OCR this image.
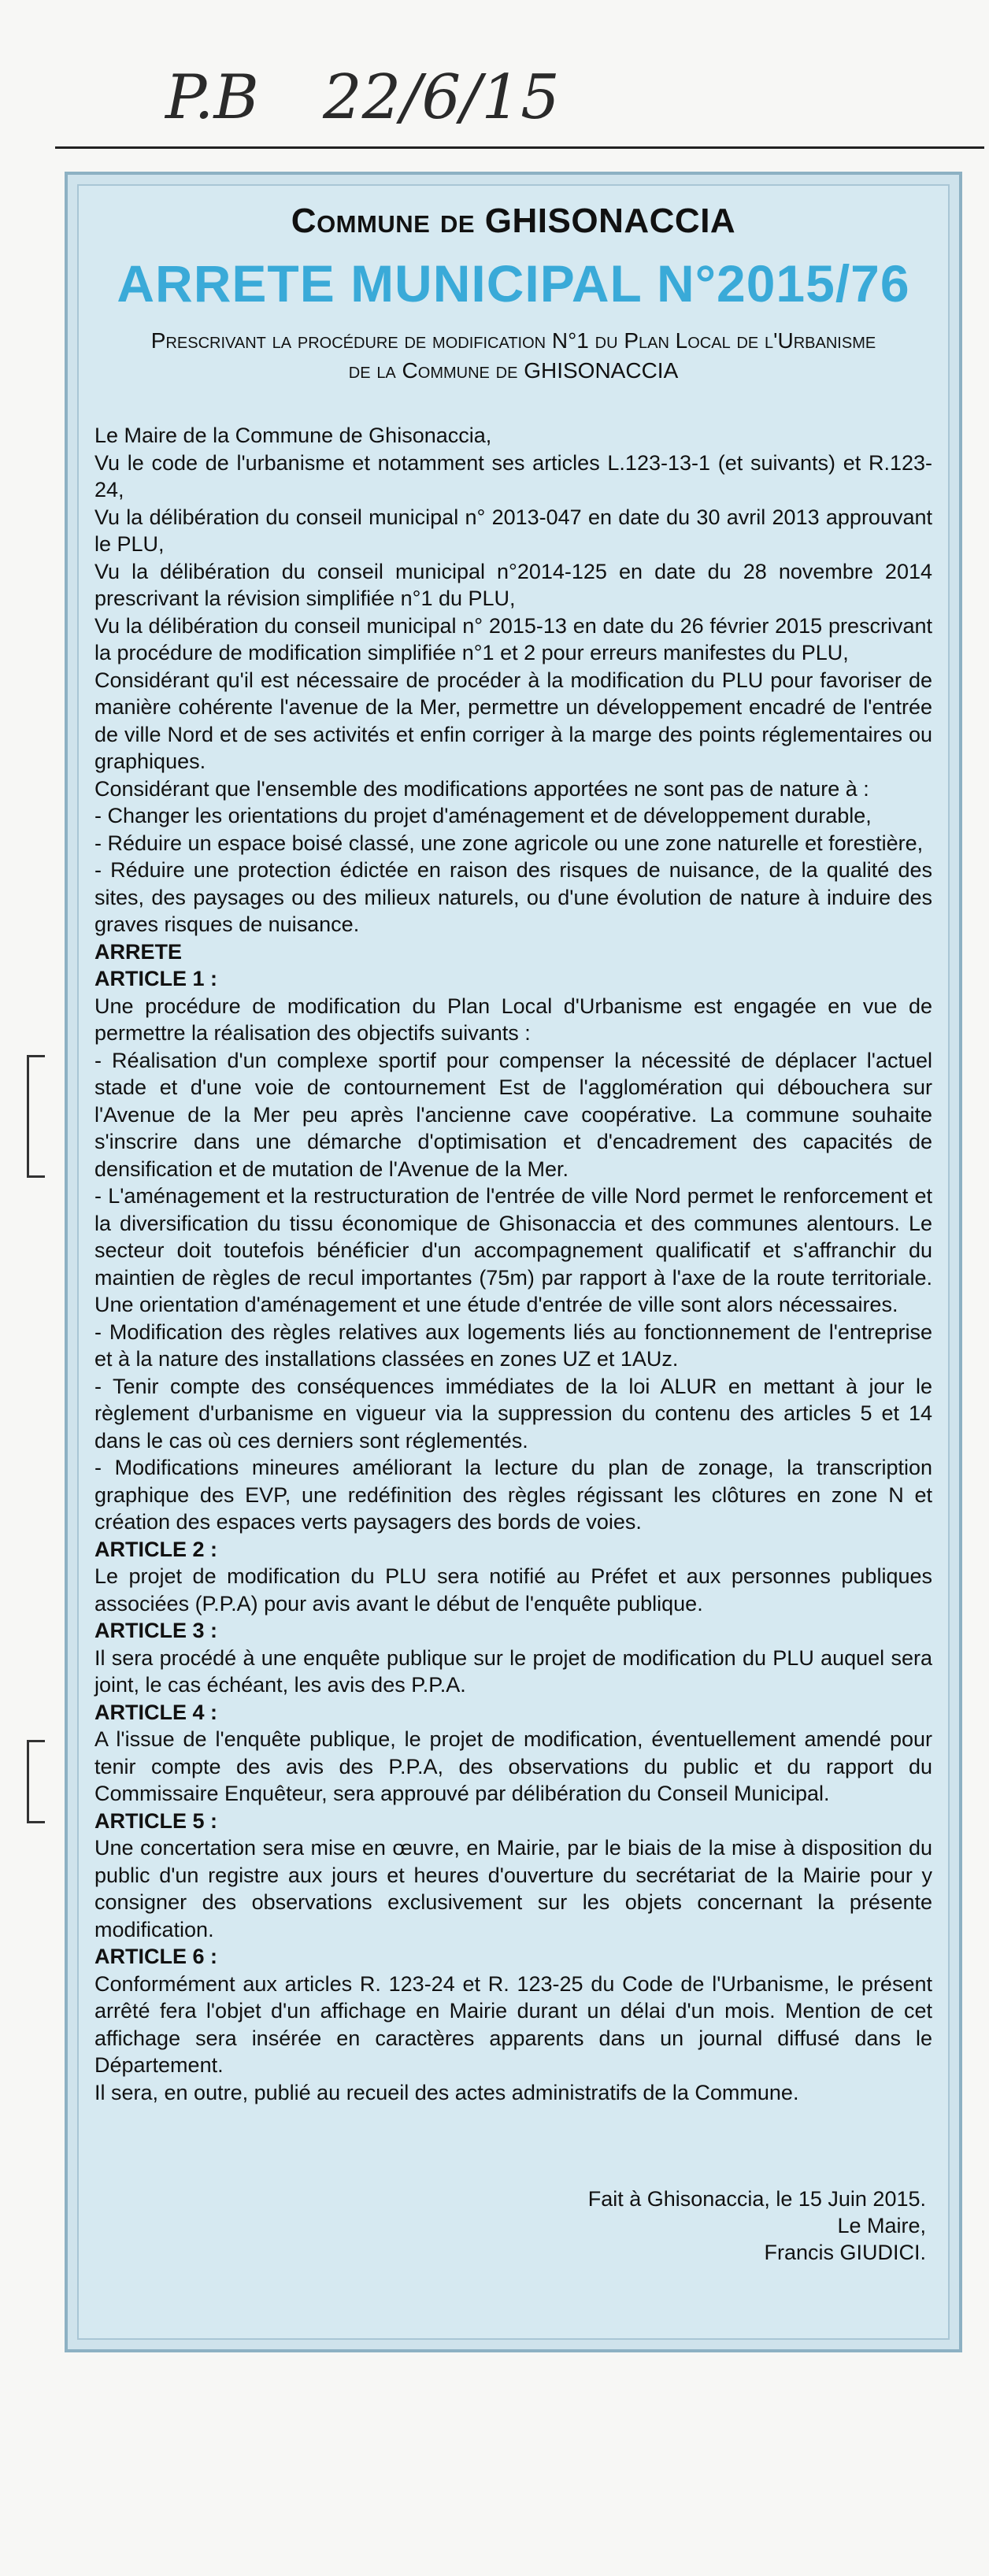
P.B 22/6/15
Commune de GHISONACCIA
ARRETE MUNICIPAL N°2015/76
Prescrivant la procédure de modification N°1 du Plan Local de l'Urbanisme
de la Commune de GHISONACCIA

Le Maire de la Commune de Ghisonaccia,

Vu le code de l'urbanisme et notamment ses articles L.123-13-1 (et suivants) et R.123-24,

Vu la délibération du conseil municipal n° 2013-047 en date du 30 avril 2013 approuvant le PLU,

Vu la délibération du conseil municipal n°2014-125 en date du 28 novembre 2014 prescrivant la révision simplifiée n°1 du PLU,

Vu la délibération du conseil municipal n° 2015-13 en date du 26 février 2015 prescrivant la procédure de modification simplifiée n°1 et 2 pour erreurs manifestes du PLU,

Considérant qu'il est nécessaire de procéder à la modification du PLU pour favoriser de manière cohérente l'avenue de la Mer, permettre un développement encadré de l'entrée de ville Nord et de ses activités et enfin corriger à la marge des points réglementaires ou graphiques.

Considérant que l'ensemble des modifications apportées ne sont pas de nature à :

- Changer les orientations du projet d'aménagement et de développement durable,

- Réduire un espace boisé classé, une zone agricole ou une zone naturelle et forestière,

- Réduire une protection édictée en raison des risques de nuisance, de la qualité des sites, des paysages ou des milieux naturels, ou d'une évolution de nature à induire des graves risques de nuisance.

ARRETE

ARTICLE 1 :

Une procédure de modification du Plan Local d'Urbanisme est engagée en vue de permettre la réalisation des objectifs suivants :

- Réalisation d'un complexe sportif pour compenser la nécessité de déplacer l'actuel stade et d'une voie de contournement Est de l'agglomération qui débouchera sur l'Avenue de la Mer peu après l'ancienne cave coopérative. La commune souhaite s'inscrire dans une démarche d'optimisation et d'encadrement des capacités de densification et de mutation de l'Avenue de la Mer.

- L'aménagement et la restructuration de l'entrée de ville Nord permet le renforcement et la diversification du tissu économique de Ghisonaccia et des communes alentours. Le secteur doit toutefois bénéficier d'un accompagnement qualificatif et s'affranchir du maintien de règles de recul importantes (75m) par rapport à l'axe de la route territoriale. Une orientation d'aménagement et une étude d'entrée de ville sont alors nécessaires.

- Modification des règles relatives aux logements liés au fonctionnement de l'entreprise et à la nature des installations classées en zones UZ et 1AUz.

- Tenir compte des conséquences immédiates de la loi ALUR en mettant à jour le règlement d'urbanisme en vigueur via la suppression du contenu des articles 5 et 14 dans le cas où ces derniers sont réglementés.

- Modifications mineures améliorant la lecture du plan de zonage, la transcription graphique des EVP, une redéfinition des règles régissant les clôtures en zone N et création des espaces verts paysagers des bords de voies.

ARTICLE 2 :

Le projet de modification du PLU sera notifié au Préfet et aux personnes publiques associées (P.P.A) pour avis avant le début de l'enquête publique.

ARTICLE 3 :

Il sera procédé à une enquête publique sur le projet de modification du PLU auquel sera joint, le cas échéant, les avis des P.P.A.

ARTICLE 4 :

A l'issue de l'enquête publique, le projet de modification, éventuellement amendé pour tenir compte des avis des P.P.A, des observations du public et du rapport du Commissaire Enquêteur, sera approuvé par délibération du Conseil Municipal.

ARTICLE 5 :

Une concertation sera mise en œuvre, en Mairie, par le biais de la mise à disposition du public d'un registre aux jours et heures d'ouverture du secrétariat de la Mairie pour y consigner des observations exclusivement sur les objets concernant la présente modification.

ARTICLE 6 :

Conformément aux articles R. 123-24 et R. 123-25 du Code de l'Urbanisme, le présent arrêté fera l'objet d'un affichage en Mairie durant un délai d'un mois. Mention de cet affichage sera insérée en caractères apparents dans un journal diffusé dans le Département.

Il sera, en outre, publié au recueil des actes administratifs de la Commune.

Fait à Ghisonaccia, le 15 Juin 2015.
Le Maire,
Francis GIUDICI.
